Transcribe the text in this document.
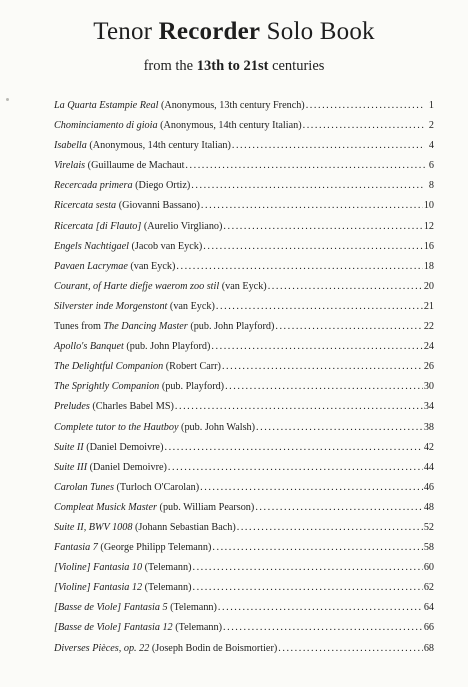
Tenor Recorder Solo Book
from the 13th to 21st centuries
La Quarta Estampie Real (Anonymous, 13th century French) . . .	1
Chominciamento di gioia (Anonymous, 14th century Italian) . . .	2
Isabella (Anonymous, 14th century Italian) . . .	4
Virelais (Guillaume de Machaut . . .	6
Recercada primera (Diego Ortiz) . . .	8
Ricercata sesta (Giovanni Bassano) . . .	10
Ricercata [di Flauto] (Aurelio Virgliano) . . .	12
Engels Nachtigael (Jacob van Eyck) . . .	16
Pavaen Lacrymae (van Eyck) . . .	18
Courant, of Harte diefje waerom zoo stil (van Eyck) . . .	20
Silverster inde Morgenstont (van Eyck) . . .	21
Tunes from The Dancing Master (pub. John Playford) . . .	22
Apollo's Banquet (pub. John Playford) . . .	24
The Delightful Companion (Robert Carr) . . .	26
The Sprightly Companion (pub. Playford) . . .	30
Preludes (Charles Babel MS) . . .	34
Complete tutor to the Hautboy (pub. John Walsh) . . .	38
Suite II (Daniel Demoivre) . . .	42
Suite III (Daniel Demoivre) . . .	44
Carolan Tunes (Turloch O'Carolan) . . .	46
Compleat Musick Master (pub. William Pearson) . . .	48
Suite II, BWV 1008 (Johann Sebastian Bach) . . .	52
Fantasia 7 (George Philipp Telemann) . . .	58
[Violine] Fantasia 10 (Telemann) . . .	60
[Violine] Fantasia 12 (Telemann) . . .	62
[Basse de Viole] Fantasia 5 (Telemann) . . .	64
[Basse de Viole] Fantasia 12 (Telemann) . . .	66
Diverses Pièces, op. 22 (Joseph Bodin de Boismortier) . . .	68
